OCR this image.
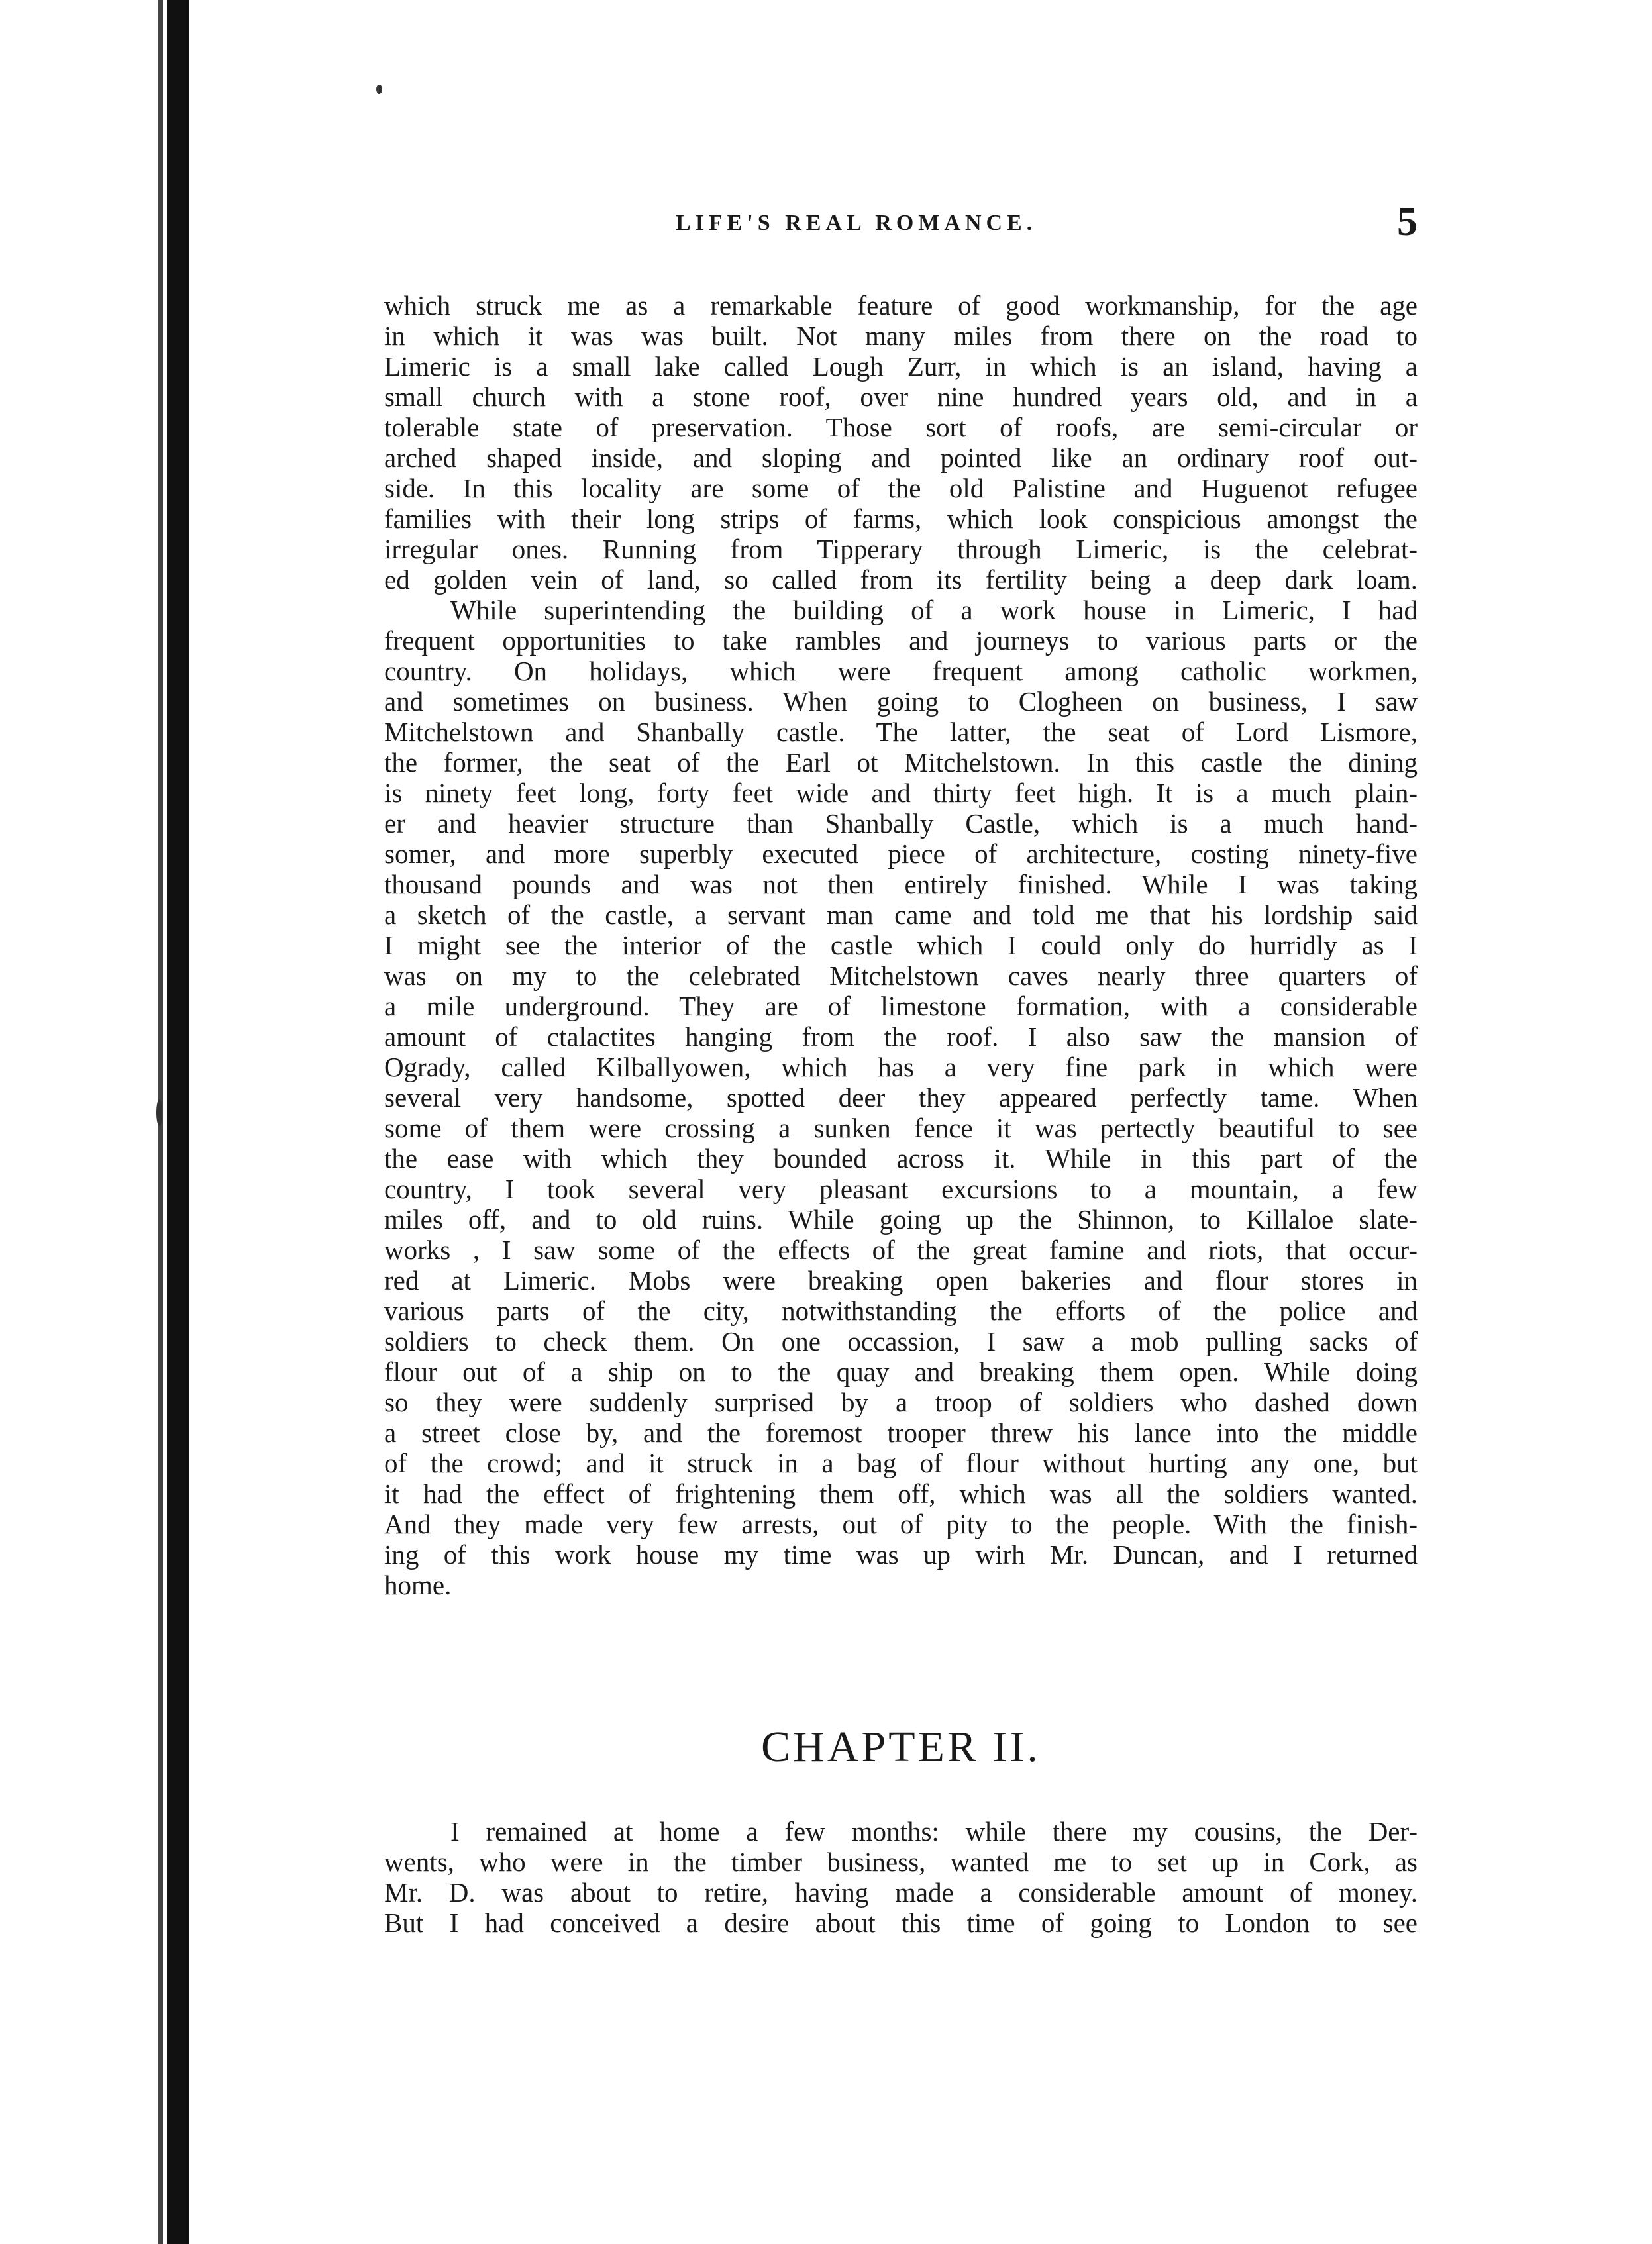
LIFE'S REAL ROMANCE.	5
which struck me as a remarkable feature of good workmanship, for the age
in which it was was built. Not many miles from there on the road to
Limeric is a small lake called Lough Zurr, in which is an island, having a
small church with a stone roof, over nine hundred years old, and in a
tolerable state of preservation. Those sort of roofs, are semi-circular or
arched shaped inside, and sloping and pointed like an ordinary roof out-
side. In this locality are some of the old Palistine and Huguenot refugee
families with their long strips of farms, which look conspicious amongst the
irregular ones. Running from Tipperary through Limeric, is the celebrat-
ed golden vein of land, so called from its fertility being a deep dark loam.
While superintending the building of a work house in Limeric, I had
frequent opportunities to take rambles and journeys to various parts or the
country. On holidays, which were frequent among catholic workmen,
and sometimes on business. When going to Clogheen on business, I saw
Mitchelstown and Shanbally castle. The latter, the seat of Lord Lismore,
the former, the seat of the Earl ot Mitchelstown. In this castle the dining
is ninety feet long, forty feet wide and thirty feet high. It is a much plain-
er and heavier structure than Shanbally Castle, which is a much hand-
somer, and more superbly executed piece of architecture, costing ninety-five
thousand pounds and was not then entirely finished. While I was taking
a sketch of the castle, a servant man came and told me that his lordship said
I might see the interior of the castle which I could only do hurridly as I
was on my to the celebrated Mitchelstown caves nearly three quarters of
a mile underground. They are of limestone formation, with a considerable
amount of ctalactites hanging from the roof. I also saw the mansion of
Ogrady, called Kilballyowen, which has a very fine park in which were
several very handsome, spotted deer they appeared perfectly tame. When
some of them were crossing a sunken fence it was pertectly beautiful to see
the ease with which they bounded across it. While in this part of the
country, I took several very pleasant excursions to a mountain, a few
miles off, and to old ruins. While going up the Shinnon, to Killaloe slate-
works , I saw some of the effects of the great famine and riots, that occur-
red at Limeric. Mobs were breaking open bakeries and flour stores in
various parts of the city, notwithstanding the efforts of the police and
soldiers to check them. On one occassion, I saw a mob pulling sacks of
flour out of a ship on to the quay and breaking them open. While doing
so they were suddenly surprised by a troop of soldiers who dashed down
a street close by, and the foremost trooper threw his lance into the middle
of the crowd; and it struck in a bag of flour without hurting any one, but
it had the effect of frightening them off, which was all the soldiers wanted.
And they made very few arrests, out of pity to the people. With the finish-
ing of this work house my time was up wirh Mr. Duncan, and I returned
home.
CHAPTER II.
I remained at home a few months: while there my cousins, the Der-
wents, who were in the timber business, wanted me to set up in Cork, as
Mr. D. was about to retire, having made a considerable amount of money.
But I had conceived a desire about this time of going to London to see
